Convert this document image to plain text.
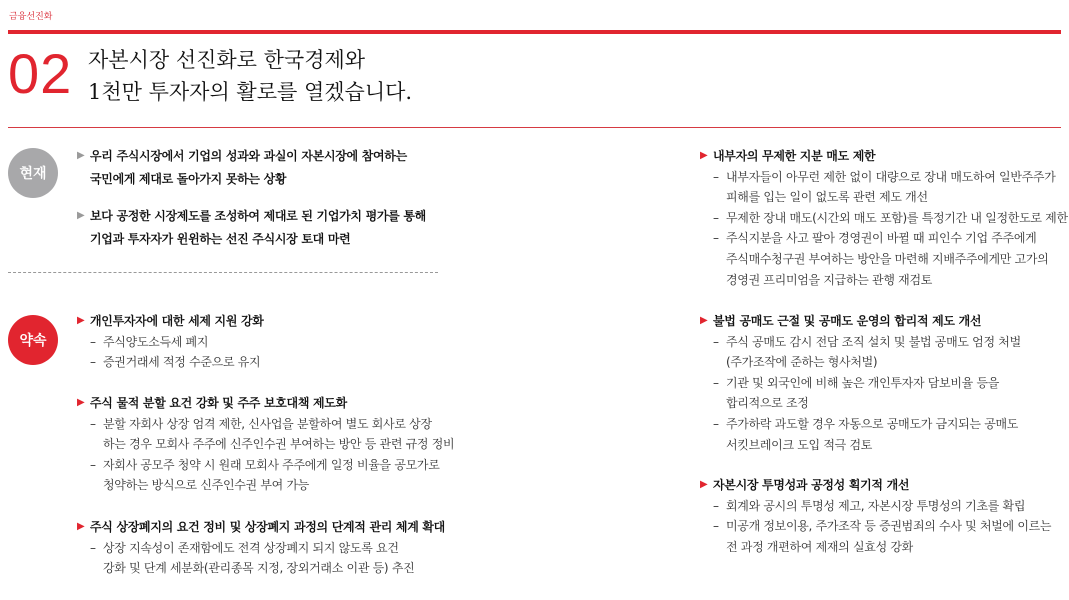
금융선진화
02 자본시장 선진화로 한국경제와
1천만 투자자의 활로를 열겠습니다.
현재
약속
▶ 우리 주식시장에서 기업의 성과와 과실이 자본시장에 참여하는
국민에게 제대로 돌아가지 못하는 상황
▶ 보다 공정한 시장제도를 조성하여 제대로 된 기업가치 평가를 통해
기업과 투자자가 윈윈하는 선진 주식시장 토대 마련
▶ 개인투자자에 대한 세제 지원 강화
– 주식양도소득세 폐지
– 증권거래세 적정 수준으로 유지
▶ 주식 물적 분할 요건 강화 및 주주 보호대책 제도화
– 분할 자회사 상장 엄격 제한, 신사업을 분할하여 별도 회사로 상장
하는 경우 모회사 주주에 신주인수권 부여하는 방안 등 관련 규정 정비
– 자회사 공모주 청약 시 원래 모회사 주주에게 일정 비율을 공모가로
청약하는 방식으로 신주인수권 부여 가능
▶ 주식 상장폐지의 요건 정비 및 상장폐지 과정의 단계적 관리 체계 확대
– 상장 지속성이 존재함에도 전격 상장폐지 되지 않도록 요건
강화 및 단계 세분화(관리종목 지정, 장외거래소 이관 등) 추진
▶ 내부자의 무제한 지분 매도 제한
– 내부자들이 아무런 제한 없이 대량으로 장내 매도하여 일반주주가
피해를 입는 일이 없도록 관련 제도 개선
– 무제한 장내 매도(시간외 매도 포함)를 특정기간 내 일정한도로 제한
– 주식지분을 사고 팔아 경영권이 바뀔 때 피인수 기업 주주에게
주식매수청구권 부여하는 방안을 마련해 지배주주에게만 고가의
경영권 프리미엄을 지급하는 관행 재검토
▶ 불법 공매도 근절 및 공매도 운영의 합리적 제도 개선
– 주식 공매도 감시 전담 조직 설치 및 불법 공매도 엄정 처벌
(주가조작에 준하는 형사처벌)
– 기관 및 외국인에 비해 높은 개인투자자 담보비율 등을
합리적으로 조정
– 주가하락 과도할 경우 자동으로 공매도가 금지되는 공매도
서킷브레이크 도입 적극 검토
▶ 자본시장 투명성과 공정성 획기적 개선
– 회계와 공시의 투명성 제고, 자본시장 투명성의 기초를 확립
– 미공개 정보이용, 주가조작 등 증권범죄의 수사 및 처벌에 이르는
전 과정 개편하여 제재의 실효성 강화
